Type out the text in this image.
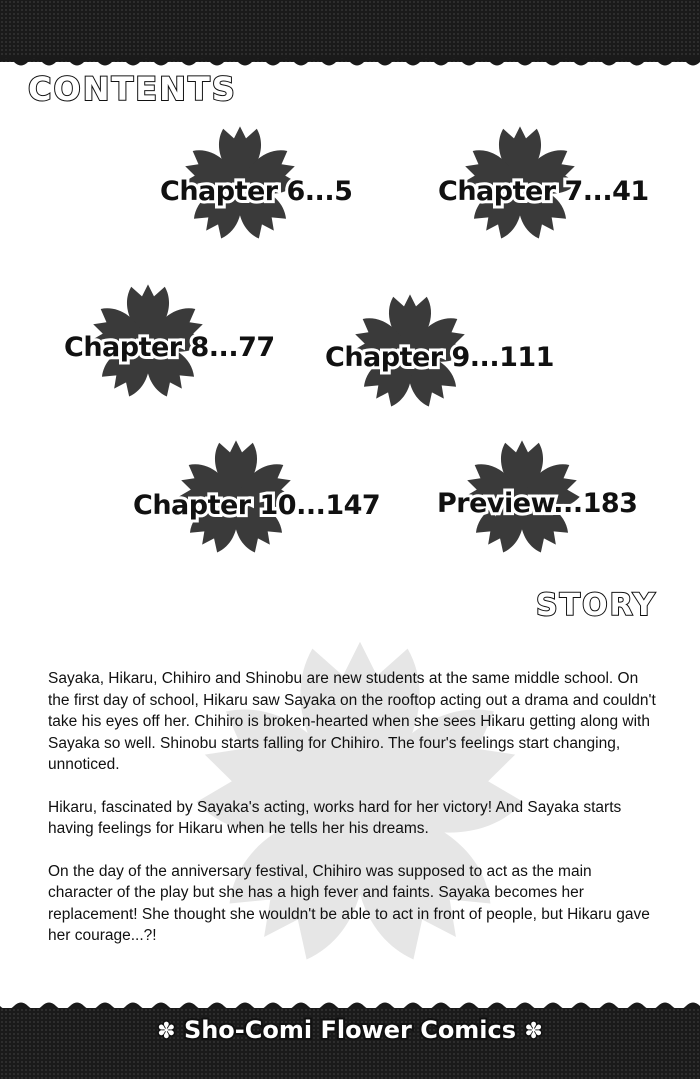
CONTENTS
Chapter 6...5	Chapter 7...41
Chapter 8...77 Chapter 9...111
Chapter 10...147 Preview...183
STORY

Sayaka, Hikaru, Chihiro and Shinobu are new students at the same middle school. On the first day of school, Hikaru saw Sayaka on the rooftop acting out a drama and couldn't take his eyes off her. Chihiro is broken-hearted when she sees Hikaru getting along with Sayaka so well. Shinobu starts falling for Chihiro. The four's feelings start changing, unnoticed.

Hikaru, fascinated by Sayaka's acting, works hard for her victory! And Sayaka starts having feelings for Hikaru when he tells her his dreams.

On the day of the anniversary festival, Chihiro was supposed to act as the main character of the play but she has a high fever and faints. Sayaka becomes her replacement! She thought she wouldn't be able to act in front of people, but Hikaru gave her courage...?!

✽ Sho-Comi Flower Comics ✽
